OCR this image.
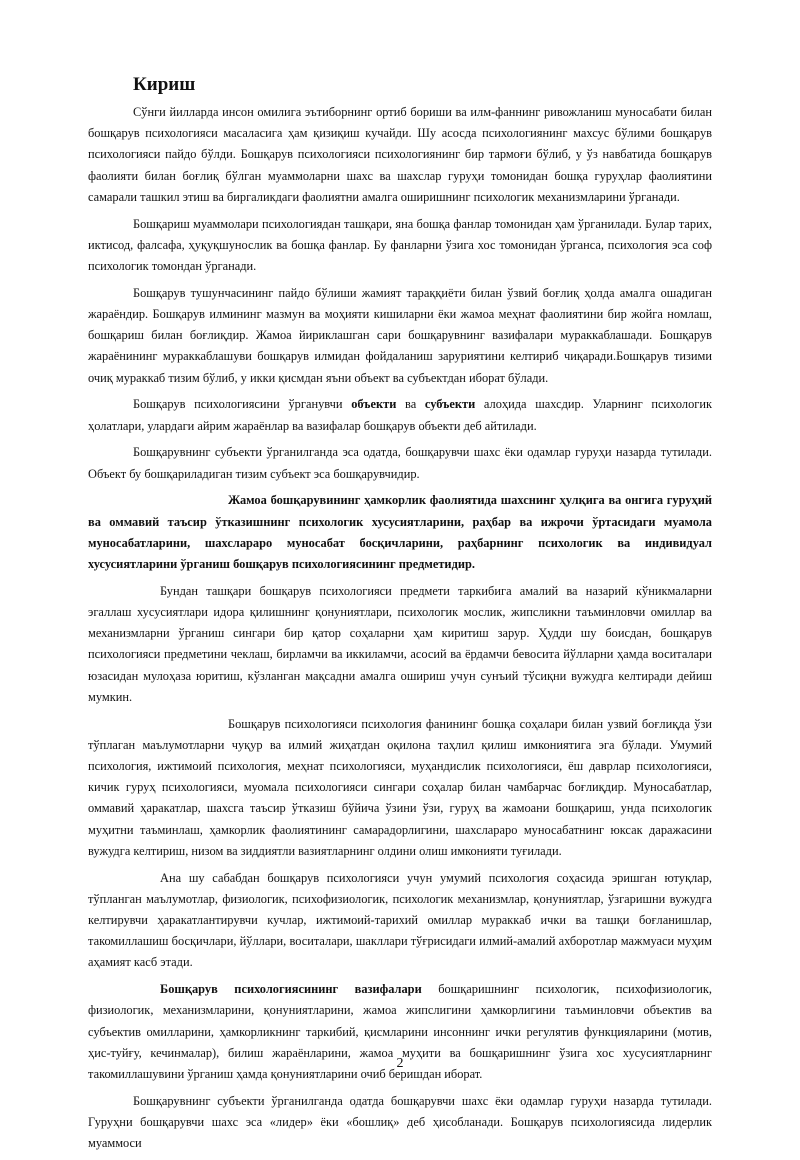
Кириш

Сўнги йилларда инсон омилига эътиборнинг ортиб бориши ва илм-фаннинг ривожланиш муносабати билан бошқарув психологияси масаласига ҳам қизиқиш кучайди. Шу асосда психологиянинг махсус бўлими бошқарув психологияси пайдо бўлди. Бошқарув психологияси психологиянинг бир тармоғи бўлиб, у ўз навбатида бошқарув фаолияти билан боғлиқ бўлган муаммоларни шахс ва шахслар гуруҳи томонидан бошқа гуруҳлар фаолиятини самарали ташкил этиш ва биргаликдаги фаолиятни амалга оширишнинг психологик механизмларини ўрганади.

Бошқариш муаммолари психологиядан ташқари, яна бошқа фанлар томонидан ҳам ўрганилади. Булар тарих, иктисод, фалсафа, ҳуқуқшунослик ва бошқа фанлар. Бу фанларни ўзига хос томонидан ўрганса, психология эса соф психологик томондан ўрганади.

Бошқарув тушунчасининг пайдо бўлиши жамият тараққиёти билан ўзвий боғлиқ ҳолда амалга ошадиган жараёндир. Бошқарув илмининг мазмун ва моҳияти кишиларни ёки жамоа меҳнат фаолиятини бир жойга номлаш, бошқариш билан боғлиқдир. Жамоа йириклашган сари бошқарувнинг вазифалари мураккаблашади. Бошқарув жараёнининг мураккаблашуви бошқарув илмидан фойдаланиш заруриятини келтириб чиқаради.Бошқарув тизими очиқ мураккаб тизим бўлиб, у икки қисмдан яъни объект ва субъектдан иборат бўлади.

Бошқарув психологиясини ўрганувчи объекти ва субъекти алоҳида шахсдир. Уларнинг психологик ҳолатлари, улардаги айрим жараёнлар ва вазифалар бошқарув объекти деб айтилади.

Бошқарувнинг субъекти ўрганилганда эса одатда, бошқарувчи шахс ёки одамлар гуруҳи назарда тутилади. Объект бу бошқариладиган тизим субъект эса бошқарувчидир.

Жамоа бошқарувининг ҳамкорлик фаолиятида шахснинг ҳулқига ва онгига гуруҳий ва оммавий таъсир ўтказишнинг психологик хусусиятларини, раҳбар ва ижрочи ўртасидаги муамола муносабатларини, шахслараро муносабат босқичларини, раҳбарнинг психологик ва индивидуал хусусиятларини ўрганиш бошқарув психологиясининг предметидир.

Бундан ташқари бошқарув психологияси предмети таркибига амалий ва назарий кўникмаларни эгаллаш хусусиятлари идора қилишнинг қонуниятлари, психологик мослик, жипсликни таъминловчи омиллар ва механизмларни ўрганиш сингари бир қатор соҳаларни ҳам киритиш зарур. Ҳудди шу боисдан, бошқарув психологияси предметини чеклаш, бирламчи ва иккиламчи, асосий ва ёрдамчи бевосита йўлларни ҳамда воситалари юзасидан мулоҳаза юритиш, кўзланган мақсадни амалга ошириш учун сунъий тўсиқни вужудга келтиради дейиш мумкин.

Бошқарув психологияси психология фанининг бошқа соҳалари билан узвий боғлиқда ўзи тўплаган маълумотларни чуқур ва илмий жиҳатдан оқилона таҳлил қилиш имкониятига эга бўлади. Умумий психология, ижтимоий психология, меҳнат психологияси, муҳандислик психологияси, ёш даврлар психологияси, кичик гуруҳ психологияси, муомала психологияси сингари соҳалар билан чамбарчас боғлиқдир. Муносабатлар, оммавий ҳаракатлар, шахсга таъсир ўтказиш бўйича ўзини ўзи, гуруҳ ва жамоани бошқариш, унда психологик муҳитни таъминлаш, ҳамкорлик фаолиятининг самарадорлигини, шахслараро муносабатнинг юксак даражасини вужудга келтириш, низом ва зиддиятли вазиятларнинг олдини олиш имконияти туғилади.

Ана шу сабабдан бошқарув психологияси учун умумий психология соҳасида эришган ютуқлар, тўпланган маълумотлар, физиологик, психофизиологик, психологик механизмлар, қонуниятлар, ўзгаришни вужудга келтирувчи ҳаракатлантирувчи кучлар, ижтимоий-тарихий омиллар мураккаб ички ва ташқи боғланишлар, такомиллашиш босқичлари, йўллари, воситалари, шакллари тўғрисидаги илмий-амалий ахборотлар мажмуаси муҳим аҳамият касб этади.

Бошқарув психологиясининг вазифалари бошқаришнинг психологик, психофизиологик, физиологик, механизмларини, қонуниятларини, жамоа жипслигини ҳамкорлигини таъминловчи объектив ва субъектив омилларини, ҳамкорликнинг таркибий, қисмларини инсоннинг ички регулятив функцияларини (мотив, ҳис-туйғу, кечинмалар), билиш жараёнларини, жамоа муҳити ва бошқаришнинг ўзига хос хусусиятларнинг такомиллашувини ўрганиш ҳамда қонуниятларини очиб беришдан иборат.

Бошқарувнинг субъекти ўрганилганда одатда бошқарувчи шахс ёки одамлар гуруҳи назарда тутилади. Гуруҳни бошқарувчи шахс эса «лидер» ёки «бошлиқ» деб ҳисобланади. Бошқарув психологиясида лидерлик муаммоси

2
